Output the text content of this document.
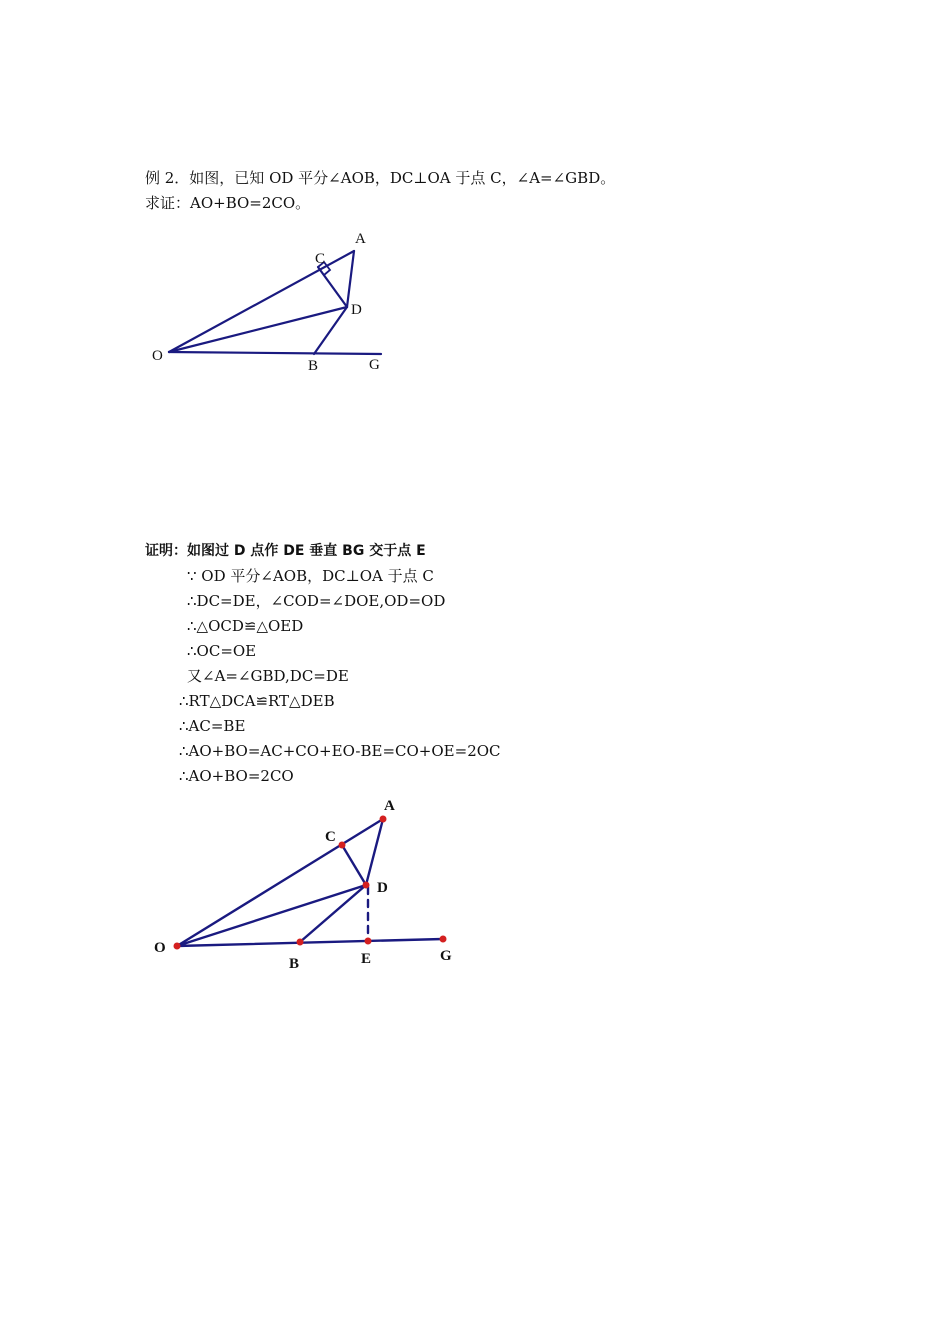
例 2．如图，已知 OD 平分∠AOB，DC⊥OA 于点 C，∠A=∠GBD。
求证：AO+BO=2CO。
A
C
D
O
B	G
证明：如图过 D 点作 DE 垂直 BG 交于点 E
∵ OD 平分∠AOB，DC⊥OA 于点 C
∴DC=DE，∠COD=∠DOE,OD=OD
∴△OCD≌△OED
∴OC=OE
又∠A=∠GBD,DC=DE
∴RT△DCA≌RT△DEB
∴AC=BE
∴AO+BO=AC+CO+EO-BE=CO+OE=2OC
∴AO+BO=2CO
A
C
D
O
B	E	G
